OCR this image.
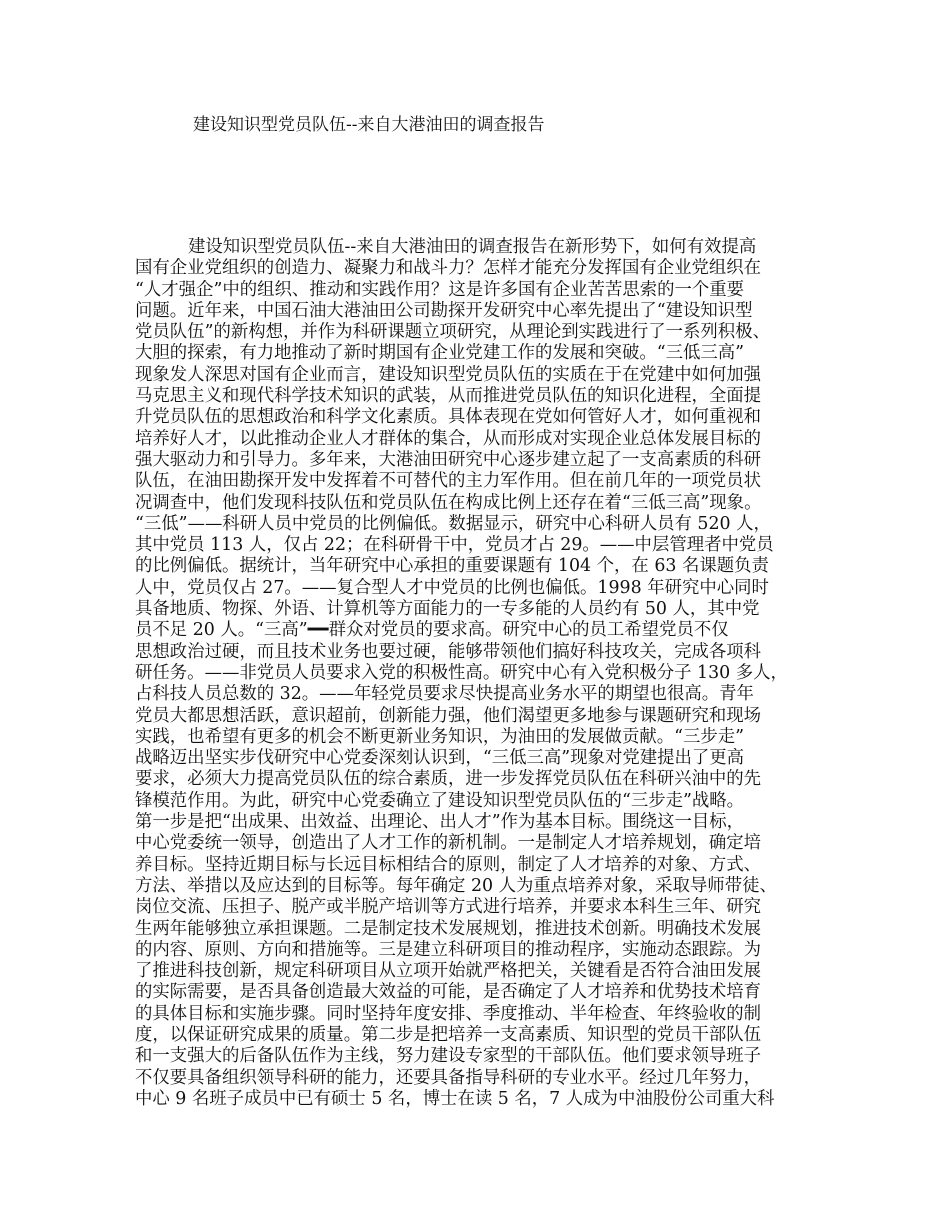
建设知识型党员队伍--来自大港油田的调查报告
建设知识型党员队伍--来自大港油田的调查报告在新形势下，如何有效提高
国有企业党组织的创造力、凝聚力和战斗力？怎样才能充分发挥国有企业党组织在
“人才强企”中的组织、推动和实践作用？这是许多国有企业苦苦思索的一个重要
问题。近年来，中国石油大港油田公司勘探开发研究中心率先提出了“建设知识型
党员队伍”的新构想，并作为科研课题立项研究，从理论到实践进行了一系列积极、
大胆的探索，有力地推动了新时期国有企业党建工作的发展和突破。“三低三高”
现象发人深思对国有企业而言，建设知识型党员队伍的实质在于在党建中如何加强
马克思主义和现代科学技术知识的武装，从而推进党员队伍的知识化进程，全面提
升党员队伍的思想政治和科学文化素质。具体表现在党如何管好人才，如何重视和
培养好人才，以此推动企业人才群体的集合，从而形成对实现企业总体发展目标的
强大驱动力和引导力。多年来，大港油田研究中心逐步建立起了一支高素质的科研
队伍，在油田勘探开发中发挥着不可替代的主力军作用。但在前几年的一项党员状
况调查中，他们发现科技队伍和党员队伍在构成比例上还存在着“三低三高”现象。
“三低”——科研人员中党员的比例偏低。数据显示，研究中心科研人员有 520 人，
其中党员 113 人，仅占 22；在科研骨干中，党员才占 29。——中层管理者中党员
的比例偏低。据统计，当年研究中心承担的重要课题有 104 个，在 63 名课题负责
人中，党员仅占 27。——复合型人才中党员的比例也偏低。1998 年研究中心同时
具备地质、物探、外语、计算机等方面能力的一专多能的人员约有 50 人，其中党
员不足 20 人。“三高”━━群众对党员的要求高。研究中心的员工希望党员不仅
思想政治过硬，而且技术业务也要过硬，能够带领他们搞好科技攻关，完成各项科
研任务。——非党员人员要求入党的积极性高。研究中心有入党积极分子 130 多人，
占科技人员总数的 32。——年轻党员要求尽快提高业务水平的期望也很高。青年
党员大都思想活跃，意识超前，创新能力强，他们渴望更多地参与课题研究和现场
实践，也希望有更多的机会不断更新业务知识，为油田的发展做贡献。“三步走”
战略迈出坚实步伐研究中心党委深刻认识到，“三低三高”现象对党建提出了更高
要求，必须大力提高党员队伍的综合素质，进一步发挥党员队伍在科研兴油中的先
锋模范作用。为此，研究中心党委确立了建设知识型党员队伍的“三步走”战略。
第一步是把“出成果、出效益、出理论、出人才”作为基本目标。围绕这一目标，
中心党委统一领导，创造出了人才工作的新机制。一是制定人才培养规划，确定培
养目标。坚持近期目标与长远目标相结合的原则，制定了人才培养的对象、方式、
方法、举措以及应达到的目标等。每年确定 20 人为重点培养对象，采取导师带徒、
岗位交流、压担子、脱产或半脱产培训等方式进行培养，并要求本科生三年、研究
生两年能够独立承担课题。二是制定技术发展规划，推进技术创新。明确技术发展
的内容、原则、方向和措施等。三是建立科研项目的推动程序，实施动态跟踪。为
了推进科技创新，规定科研项目从立项开始就严格把关，关键看是否符合油田发展
的实际需要，是否具备创造最大效益的可能，是否确定了人才培养和优势技术培育
的具体目标和实施步骤。同时坚持年度安排、季度推动、半年检查、年终验收的制
度，以保证研究成果的质量。第二步是把培养一支高素质、知识型的党员干部队伍
和一支强大的后备队伍作为主线，努力建设专家型的干部队伍。他们要求领导班子
不仅要具备组织领导科研的能力，还要具备指导科研的专业水平。经过几年努力，
中心 9 名班子成员中已有硕士 5 名，博士在读 5 名，7 人成为中油股份公司重大科
